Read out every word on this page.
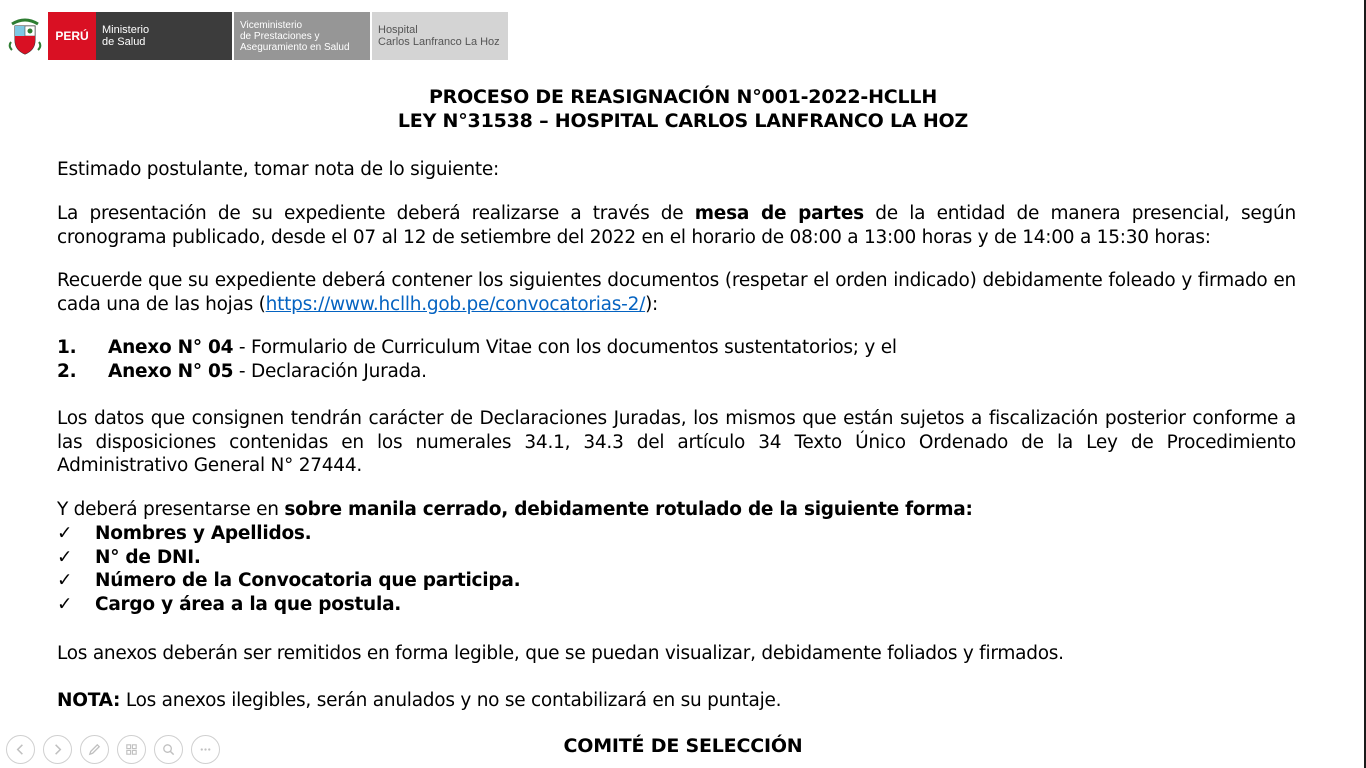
PERÚ Ministerio
de Salud
Viceministerio
de Prestaciones y
Aseguramiento en Salud
Hospital
Carlos Lanfranco La Hoz
PROCESO DE REASIGNACIÓN N°001-2022-HCLLH
LEY N°31538 – HOSPITAL CARLOS LANFRANCO LA HOZ
Estimado postulante, tomar nota de lo siguiente:
La presentación de su expediente deberá realizarse a través de mesa de partes de la entidad de manera presencial, según cronograma publicado, desde el 07 al 12 de setiembre del 2022 en el horario de 08:00 a 13:00 horas y de 14:00 a 15:30 horas:
Recuerde que su expediente deberá contener los siguientes documentos (respetar el orden indicado) debidamente foleado y firmado en cada una de las hojas (https://www.hcllh.gob.pe/convocatorias-2/):
1.	Anexo N° 04 - Formulario de Curriculum Vitae con los documentos sustentatorios; y el
2.	Anexo N° 05 - Declaración Jurada.
Los datos que consignen tendrán carácter de Declaraciones Juradas, los mismos que están sujetos a fiscalización posterior conforme a las disposiciones contenidas en los numerales 34.1, 34.3 del artículo 34 Texto Único Ordenado de la Ley de Procedimiento Administrativo General N° 27444.
Y deberá presentarse en sobre manila cerrado, debidamente rotulado de la siguiente forma:
✓	Nombres y Apellidos.
✓	N° de DNI.
✓	Número de la Convocatoria que participa.
✓	Cargo y área a la que postula.
Los anexos deberán ser remitidos en forma legible, que se puedan visualizar, debidamente foliados y firmados.
NOTA: Los anexos ilegibles, serán anulados y no se contabilizará en su puntaje.
COMITÉ DE SELECCIÓN
